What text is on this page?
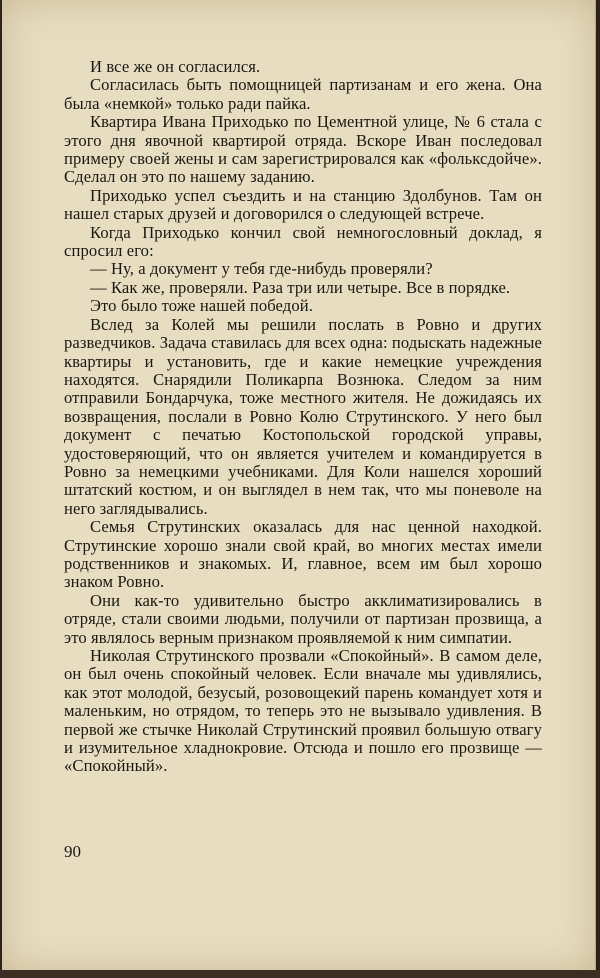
И все же он согласился.

Согласилась быть помощницей партизанам и его жена. Она была «немкой» только ради пайка.

Квартира Ивана Приходько по Цементной улице, № 6 стала с этого дня явочной квартирой отряда. Вскоре Иван последовал примеру своей жены и сам зарегистрировался как «фольксдойче». Сделал он это по нашему заданию.

Приходько успел съездить и на станцию Здолбунов. Там он нашел старых друзей и договорился о следующей встрече.

Когда Приходько кончил свой немногословный доклад, я спросил его:

— Ну, а документ у тебя где-нибудь проверяли?

— Как же, проверяли. Раза три или четыре. Все в порядке.

Это было тоже нашей победой.

Вслед за Колей мы решили послать в Ровно и других разведчиков. Задача ставилась для всех одна: подыскать надежные квартиры и установить, где и какие немецкие учреждения находятся. Снарядили Поликарпа Вознюка. Следом за ним отправили Бондарчука, тоже местного жителя. Не дожидаясь их возвращения, послали в Ровно Колю Струтинского. У него был документ с печатью Костопольской городской управы, удостоверяющий, что он является учителем и командируется в Ровно за немецкими учебниками. Для Коли нашелся хороший штатский костюм, и он выглядел в нем так, что мы поневоле на него заглядывались.

Семья Струтинских оказалась для нас ценной находкой. Струтинские хорошо знали свой край, во многих местах имели родственников и знакомых. И, главное, всем им был хорошо знаком Ровно.

Они как-то удивительно быстро акклиматизировались в отряде, стали своими людьми, получили от партизан прозвища, а это являлось верным признаком проявляемой к ним симпатии.

Николая Струтинского прозвали «Спокойный». В самом деле, он был очень спокойный человек. Если вначале мы удивлялись, как этот молодой, безусый, розовощекий парень командует хотя и маленьким, но отрядом, то теперь это не вызывало удивления. В первой же стычке Николай Струтинский проявил большую отвагу и изумительное хладнокровие. Отсюда и пошло его прозвище — «Спокойный».

90
